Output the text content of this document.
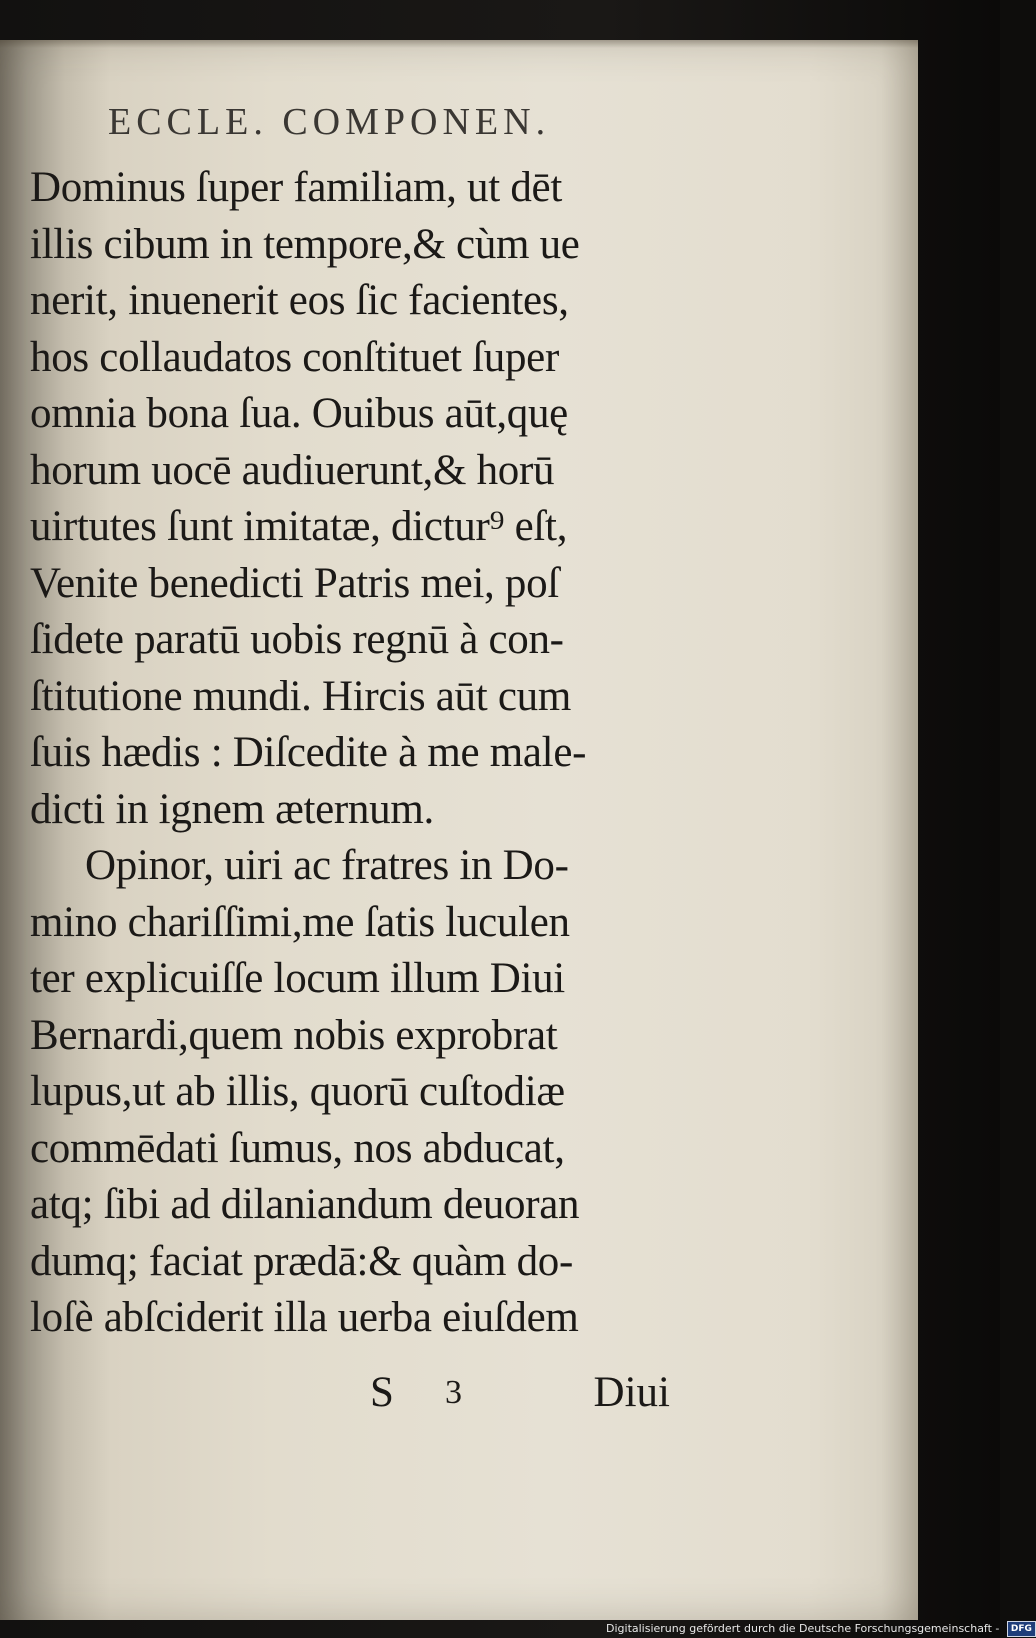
ECCLE. COMPONEN.
Dominus ſuper familiam, ut dēt
illis cibum in tempore,& cùm ue
nerit, inuenerit eos ſic facientes,
hos collaudatos conſtituet ſuper
omnia bona ſua. Ouibus aūt,quę
horum uocē audiuerunt,& horū
uirtutes ſunt imitatæ, dictur⁹ eſt,
Venite benedicti Patris mei, poſ
ſidete paratū uobis regnū à con-
ſtitutione mundi. Hircis aūt cum
ſuis hædis : Diſcedite à me male-
dicti in ignem æternum.
Opinor, uiri ac fratres in Do-
mino chariſſimi,me ſatis luculen
ter explicuiſſe locum illum Diui
Bernardi,quem nobis exprobrat
lupus,ut ab illis, quorū cuſtodiæ
commēdati ſumus, nos abducat,
atq; ſibi ad dilaniandum deuoran
dumq; faciat prædā:& quàm do-
loſè abſciderit illa uerba eiuſdem
S 3	Diui
Digitalisierung gefördert durch die Deutsche Forschungsgemeinschaft - DFG
